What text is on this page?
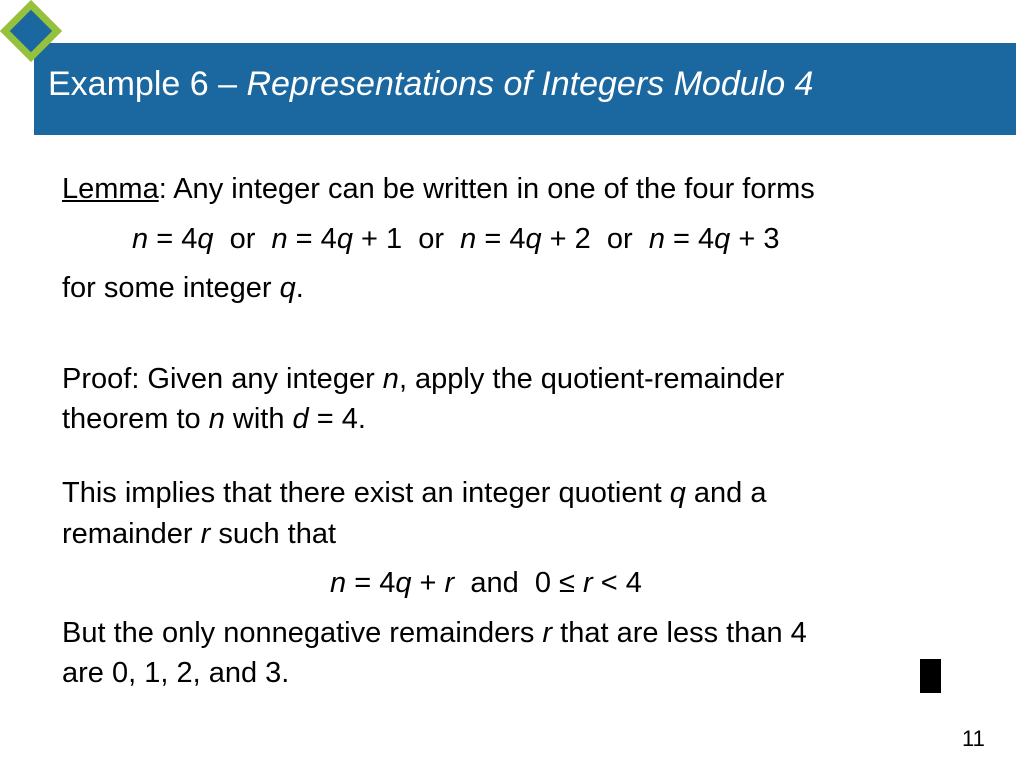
Example 6 – Representations of Integers Modulo 4
Lemma: Any integer can be written in one of the four forms
n = 4q  or  n = 4q + 1  or  n = 4q + 2  or  n = 4q + 3
for some integer q.
Proof: Given any integer n, apply the quotient-remainder
theorem to n with d = 4.
This implies that there exist an integer quotient q and a
remainder r such that
n = 4q + r  and  0 ≤ r < 4
But the only nonnegative remainders r that are less than 4
are 0, 1, 2, and 3.
11
